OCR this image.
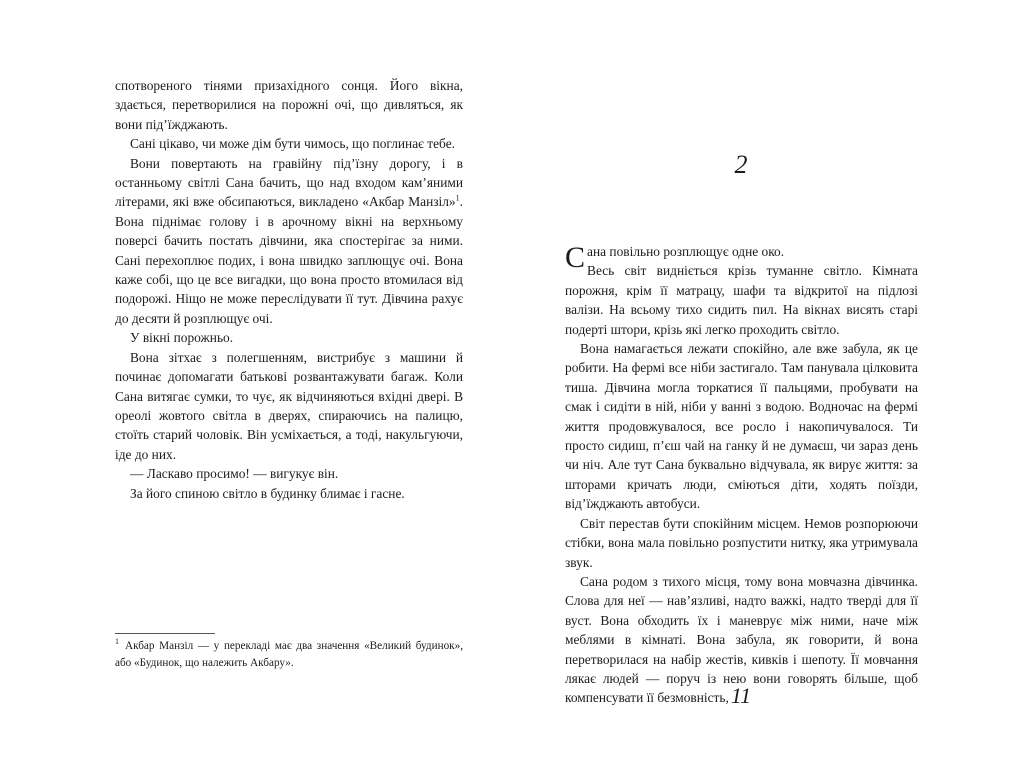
спотвореного тінями призахідного сонця. Його вікна, здається, перетворилися на порожні очі, що дивляться, як вони під’їжджають.

Сані цікаво, чи може дім бути чимось, що поглинає тебе.

Вони повертають на гравійну під’їзну дорогу, і в останньому світлі Сана бачить, що над входом кам’яними літерами, які вже обсипаються, викладено «Акбар Манзіл»$^1$. Вона піднімає голову і в арочному вікні на верхньому поверсі бачить постать дівчини, яка спостерігає за ними. Сані перехоплює подих, і вона швидко заплющує очі. Вона каже собі, що це все вигадки, що вона просто втомилася від подорожі. Ніщо не може переслідувати її тут. Дівчина рахує до десяти й розплющує очі.

У вікні порожньо.

Вона зітхає з полегшенням, вистрибує з машини й починає допомагати батькові розвантажувати багаж. Коли Сана витягає сумки, то чує, як відчиняються вхідні двері. В ореолі жовтого світла в дверях, спираючись на палицю, стоїть старий чоловік. Він усміхається, а тоді, накульгуючи, іде до них.

— Ласкаво просимо! — вигукує він.

За його спиною світло в будинку блимає і гасне.

$^1$ Акбар Манзіл — у перекладі має два значення «Великий будинок», або «Будинок, що належить Акбару».
2

Сана повільно розплющує одне око.

Весь світ видніється крізь туманне світло. Кімната порожня, крім її матрацу, шафи та відкритої на підлозі валізи. На всьому тихо сидить пил. На вікнах висять старі подерті штори, крізь які легко проходить світло.

Вона намагається лежати спокійно, але вже забула, як це робити. На фермі все ніби застигало. Там панувала цілковита тиша. Дівчина могла торкатися її пальцями, пробувати на смак і сидіти в ній, ніби у ванні з водою. Водночас на фермі життя продовжувалося, все росло і накопичувалося. Ти просто сидиш, п’єш чай на ганку й не думаєш, чи зараз день чи ніч. Але тут Сана буквально відчувала, як вирує життя: за шторами кричать люди, сміються діти, ходять поїзди, від’їжджають автобуси.

Світ перестав бути спокійним місцем. Немов розпорюючи стібки, вона мала повільно розпустити нитку, яка утримувала звук.

Сана родом з тихого місця, тому вона мовчазна дівчинка. Слова для неї — нав’язливі, надто важкі, надто тверді для її вуст. Вона обходить їх і маневрує між ними, наче між меблями в кімнаті. Вона забула, як говорити, й вона перетворилася на набір жестів, кивків і шепоту. Її мовчання лякає людей — поруч із нею вони говорять більше, щоб компенсувати її безмовність, 11
